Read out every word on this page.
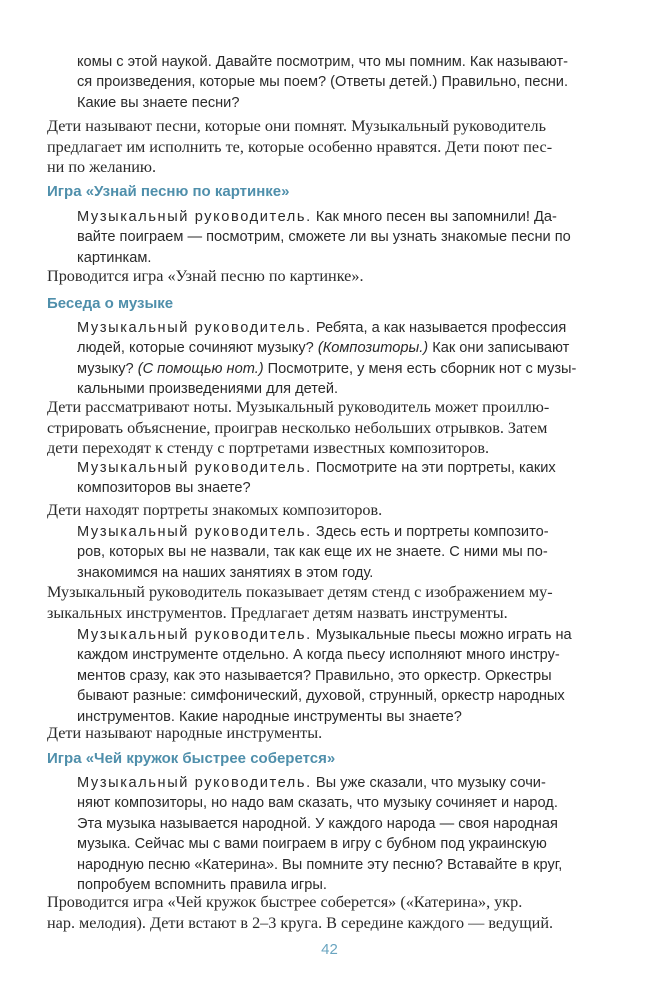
комы с этой наукой. Давайте посмотрим, что мы помним. Как называют-
ся произведения, которые мы поем? (Ответы детей.) Правильно, песни.
Какие вы знаете песни?
Дети называют песни, которые они помнят. Музыкальный руководитель
предлагает им исполнить те, которые особенно нравятся. Дети поют пес-
ни по желанию.
Игра «Узнай песню по картинке»
Музыкальный руководитель. Как много песен вы запомнили! Да-
вайте поиграем — посмотрим, сможете ли вы узнать знакомые песни по
картинкам.
Проводится игра «Узнай песню по картинке».
Беседа о музыке
Музыкальный руководитель. Ребята, а как называется профессия
людей, которые сочиняют музыку? (Композиторы.) Как они записывают
музыку? (С помощью нот.) Посмотрите, у меня есть сборник нот с музы-
кальными произведениями для детей.
Дети рассматривают ноты. Музыкальный руководитель может проиллю-
стрировать объяснение, проиграв несколько небольших отрывков. Затем
дети переходят к стенду с портретами известных композиторов.
Музыкальный руководитель. Посмотрите на эти портреты, каких
композиторов вы знаете?
Дети находят портреты знакомых композиторов.
Музыкальный руководитель. Здесь есть и портреты композито-
ров, которых вы не назвали, так как еще их не знаете. С ними мы по-
знакомимся на наших занятиях в этом году.
Музыкальный руководитель показывает детям стенд с изображением му-
зыкальных инструментов. Предлагает детям назвать инструменты.
Музыкальный руководитель. Музыкальные пьесы можно играть на
каждом инструменте отдельно. А когда пьесу исполняют много инстру-
ментов сразу, как это называется? Правильно, это оркестр. Оркестры
бывают разные: симфонический, духовой, струнный, оркестр народных
инструментов. Какие народные инструменты вы знаете?
Дети называют народные инструменты.
Игра «Чей кружок быстрее соберется»
Музыкальный руководитель. Вы уже сказали, что музыку сочи-
няют композиторы, но надо вам сказать, что музыку сочиняет и народ.
Эта музыка называется народной. У каждого народа — своя народная
музыка. Сейчас мы с вами поиграем в игру с бубном под украинскую
народную песню «Катерина». Вы помните эту песню? Вставайте в круг,
попробуем вспомнить правила игры.
Проводится игра «Чей кружок быстрее соберется» («Катерина», укр.
нар. мелодия). Дети встают в 2–3 круга. В середине каждого — ведущий.
42
